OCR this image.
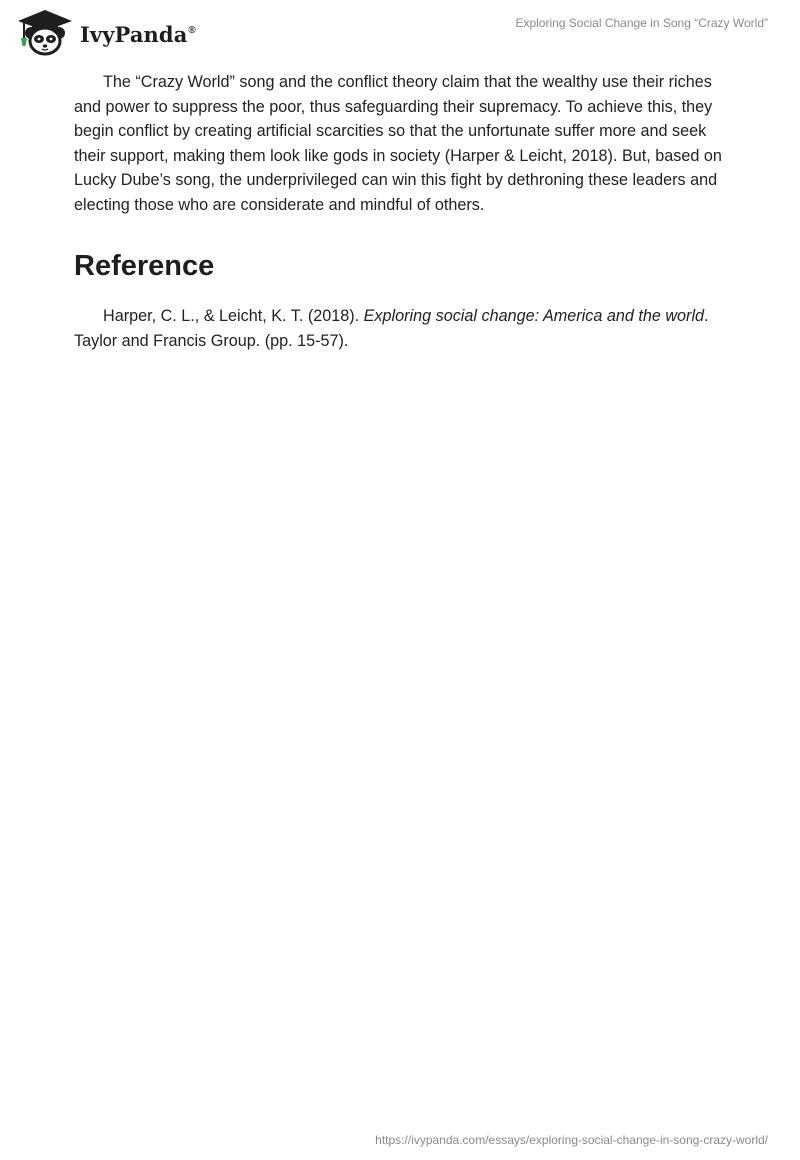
IvyPanda®	Exploring Social Change in Song “Crazy World”

The “Crazy World” song and the conflict theory claim that the wealthy use their riches and power to suppress the poor, thus safeguarding their supremacy. To achieve this, they begin conflict by creating artificial scarcities so that the unfortunate suffer more and seek their support, making them look like gods in society (Harper & Leicht, 2018). But, based on Lucky Dube’s song, the underprivileged can win this fight by dethroning these leaders and electing those who are considerate and mindful of others.

Reference

Harper, C. L., & Leicht, K. T. (2018). Exploring social change: America and the world. Taylor and Francis Group. (pp. 15-57).

https://ivypanda.com/essays/exploring-social-change-in-song-crazy-world/
